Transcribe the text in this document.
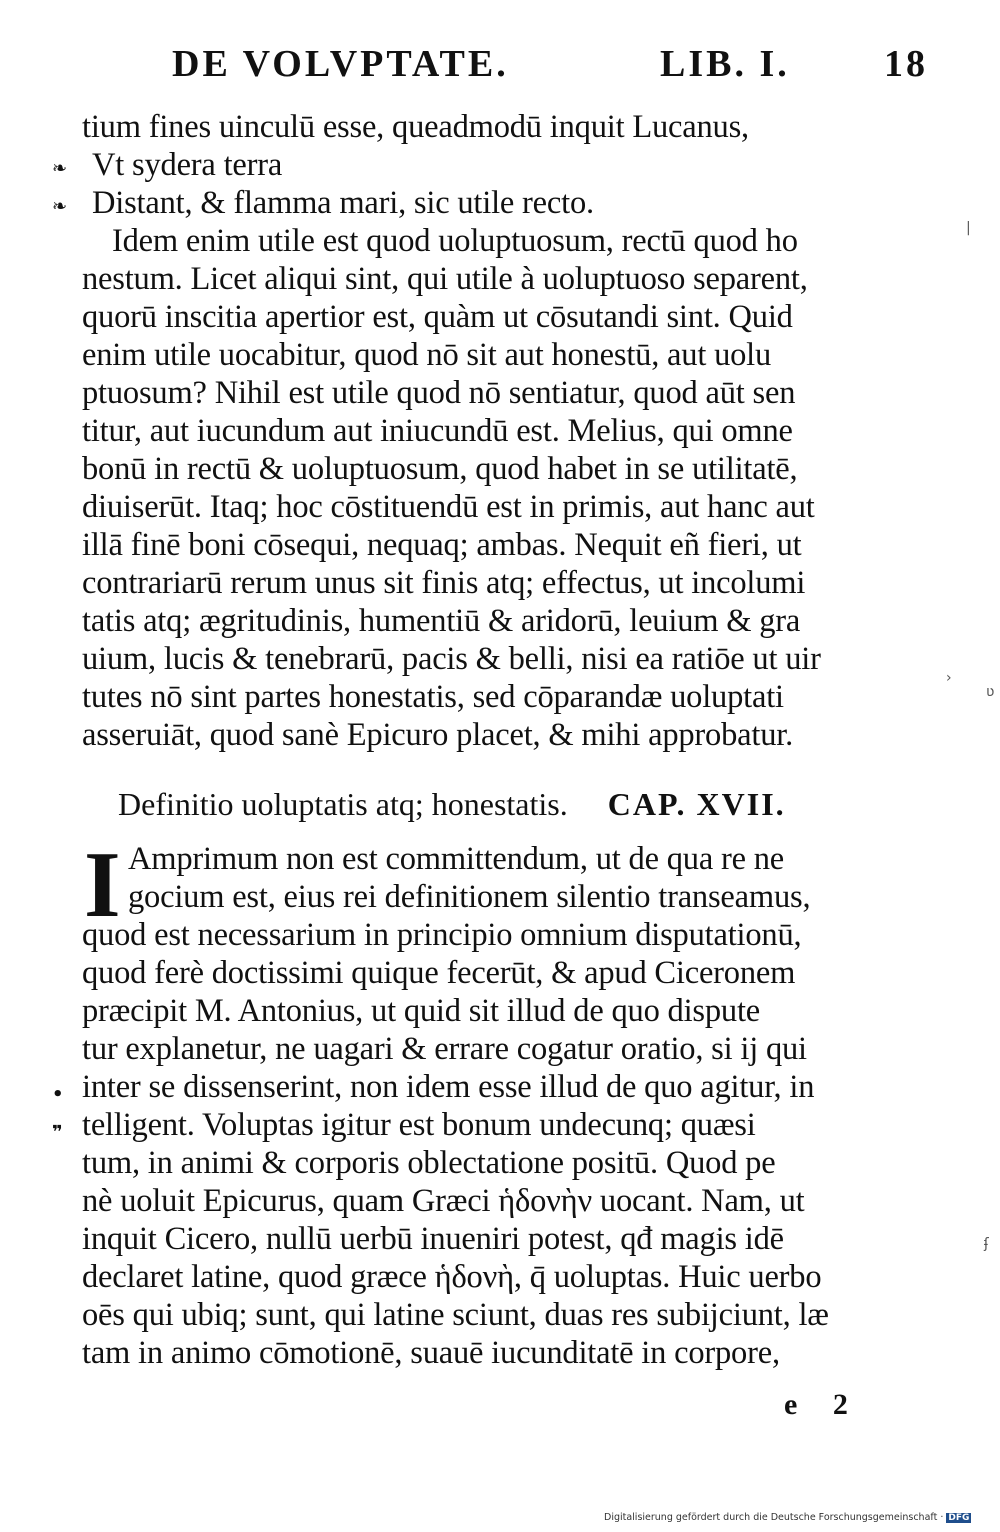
DE VOLVPTATE.	LIB. I. 18
❧
❧
•
❞
tium fines uinculū esse, queadmodū inquit Lucanus,
Vt sydera terra
Distant, & flamma mari, sic utile recto.
Idem enim utile est quod uoluptuosum, rectū quod ho
nestum. Licet aliqui sint, qui utile à uoluptuoso separent,
quorū inscitia apertior est, quàm ut cōsutandi sint. Quid
enim utile uocabitur, quod nō sit aut honestū, aut uolu
ptuosum? Nihil est utile quod nō sentiatur, quod aūt sen
titur, aut iucundum aut iniucundū est. Melius, qui omne
bonū in rectū & uoluptuosum, quod habet in se utilitatē,
diuiserūt. Itaq; hoc cōstituendū est in primis, aut hanc aut
illā finē boni cōsequi, nequaq; ambas. Nequit eñ fieri, ut
contrariarū rerum unus sit finis atq; effectus, ut incolumi
tatis atq; ægritudinis, humentiū & aridorū, leuium & gra
uium, lucis & tenebrarū, pacis & belli, nisi ea ratiōe ut uir
tutes nō sint partes honestatis, sed cōparandæ uoluptati
asseruiāt, quod sanè Epicuro placet, & mihi approbatur.
Definitio uoluptatis atq; honestatis. CAP. XVII.
I Amprimum non est committendum, ut de qua re ne
gocium est, eius rei definitionem silentio transeamus,
quod est necessarium in principio omnium disputationū,
quod ferè doctissimi quique fecerūt, & apud Ciceronem
præcipit M. Antonius, ut quid sit illud de quo dispute
tur explanetur, ne uagari & errare cogatur oratio, si ij qui
inter se dissenserint, non idem esse illud de quo agitur, in
telligent. Voluptas igitur est bonum undecunq; quæsi
tum, in animi & corporis oblectatione positū. Quod pe
nè uoluit Epicurus, quam Græci ἡδονὴν uocant. Nam, ut
inquit Cicero, nullū uerbū inueniri potest, qđ magis idē
declaret latine, quod græce ἡδονὴ, q̄ uoluptas. Huic uerbo
oēs qui ubiq; sunt, qui latine sciunt, duas res subijciunt, læ
tam in animo cōmotionē, suauē iucunditatē in corpore,
e 2
|
›
ʋ
ʄ
Digitalisierung gefördert durch die Deutsche Forschungsgemeinschaft · DFG
